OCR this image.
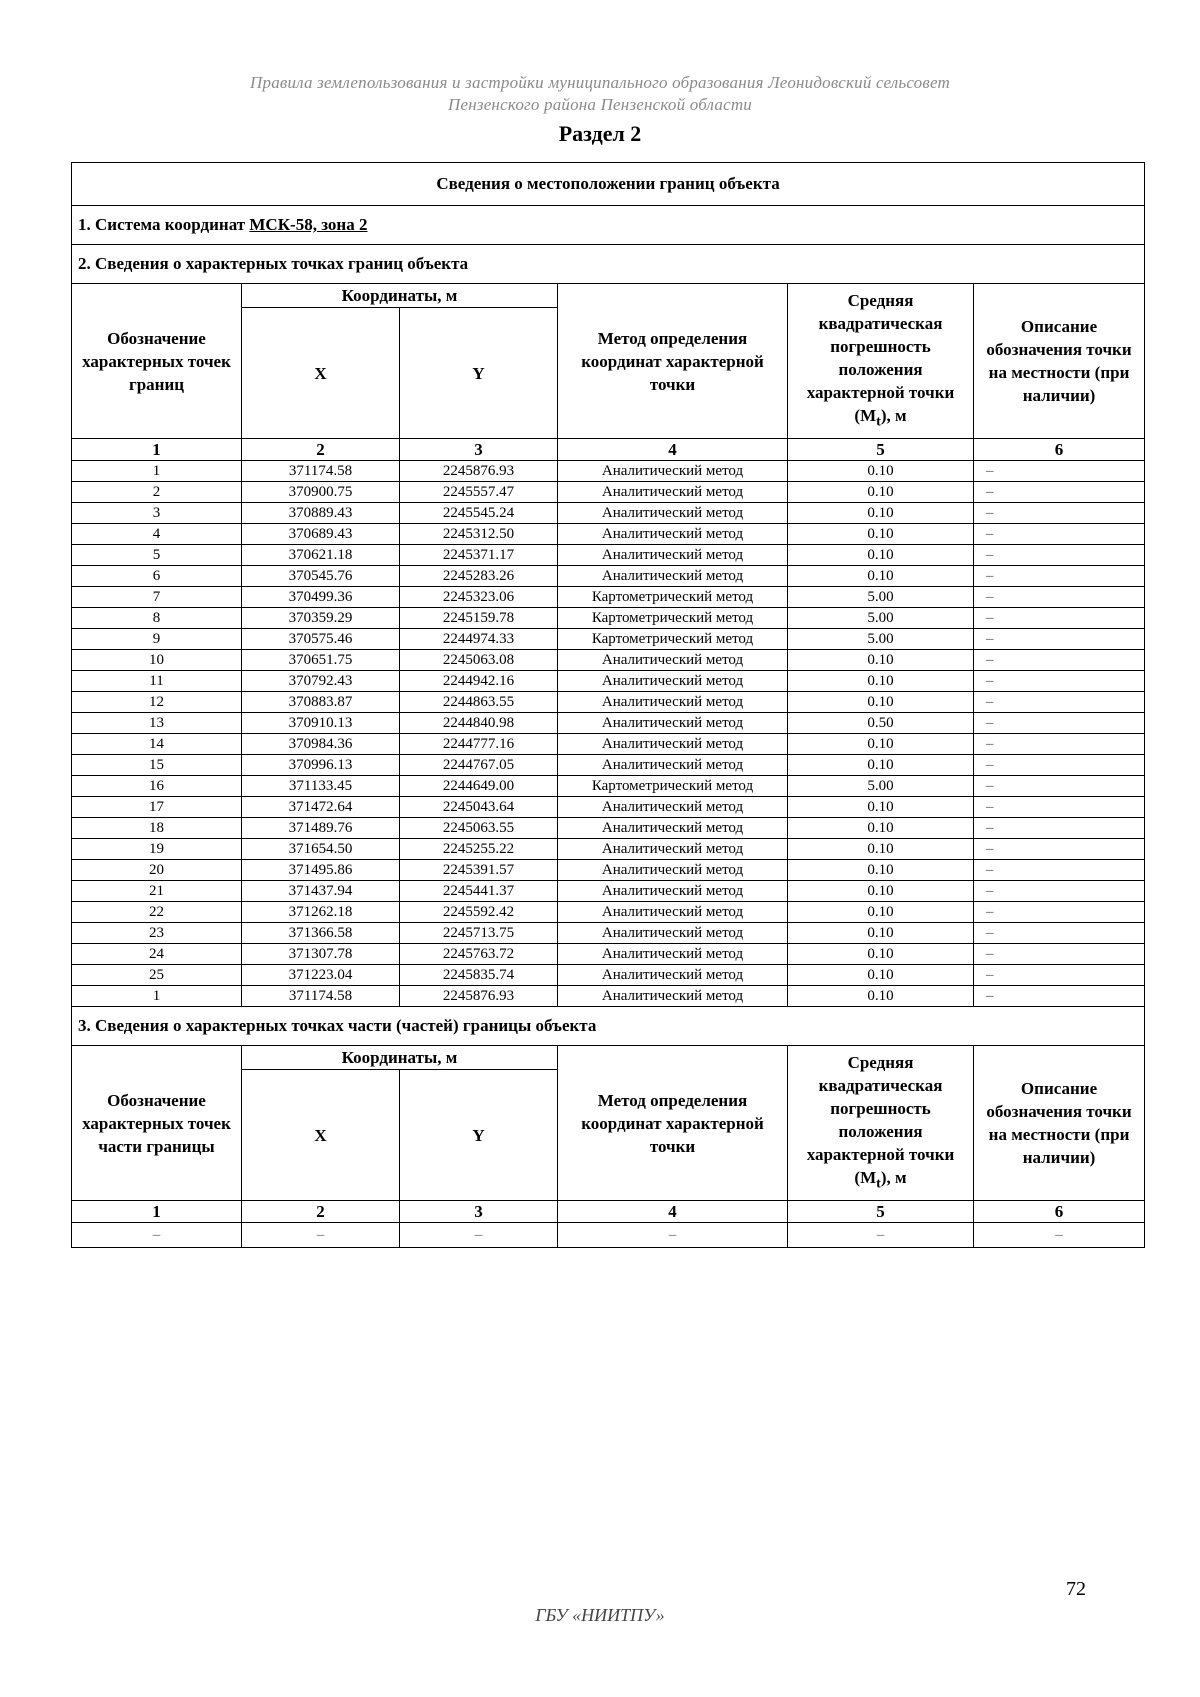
Правила землепользования и застройки муниципального образования Леонидовский сельсовет
Пензенского района Пензенской области
Раздел 2
Сведения о местоположении границ объекта					
1. Система координат МСК-58, зона 2					
2. Сведения о характерных точках границ объекта					
Обозначение характерных точек границ	Координаты, м		Метод определения координат характерной точки	Средняя квадратическая погрешность положения характерной точки $(M_t)$, м	Описание обозначения точки на местности (при наличии)
	X	Y			
1	2	3	4	5	6
1	371174.58	2245876.93	Аналитический метод	0.10	–
2	370900.75	2245557.47	Аналитический метод	0.10	–
3	370889.43	2245545.24	Аналитический метод	0.10	–
4	370689.43	2245312.50	Аналитический метод	0.10	–
5	370621.18	2245371.17	Аналитический метод	0.10	–
6	370545.76	2245283.26	Аналитический метод	0.10	–
7	370499.36	2245323.06	Картометрический метод	5.00	–
8	370359.29	2245159.78	Картометрический метод	5.00	–
9	370575.46	2244974.33	Картометрический метод	5.00	–
10	370651.75	2245063.08	Аналитический метод	0.10	–
11	370792.43	2244942.16	Аналитический метод	0.10	–
12	370883.87	2244863.55	Аналитический метод	0.10	–
13	370910.13	2244840.98	Аналитический метод	0.50	–
14	370984.36	2244777.16	Аналитический метод	0.10	–
15	370996.13	2244767.05	Аналитический метод	0.10	–
16	371133.45	2244649.00	Картометрический метод	5.00	–
17	371472.64	2245043.64	Аналитический метод	0.10	–
18	371489.76	2245063.55	Аналитический метод	0.10	–
19	371654.50	2245255.22	Аналитический метод	0.10	–
20	371495.86	2245391.57	Аналитический метод	0.10	–
21	371437.94	2245441.37	Аналитический метод	0.10	–
22	371262.18	2245592.42	Аналитический метод	0.10	–
23	371366.58	2245713.75	Аналитический метод	0.10	–
24	371307.78	2245763.72	Аналитический метод	0.10	–
25	371223.04	2245835.74	Аналитический метод	0.10	–
1	371174.58	2245876.93	Аналитический метод	0.10	–
3. Сведения о характерных точках части (частей) границы объекта					
Обозначение характерных точек части границы	Координаты, м		Метод определения координат характерной точки	Средняя квадратическая погрешность положения характерной точки $(M_t)$, м	Описание обозначения точки на местности (при наличии)
	X	Y			
1	2	3	4	5	6
–	–	–	–	–	–
72
ГБУ «НИИТПУ»
